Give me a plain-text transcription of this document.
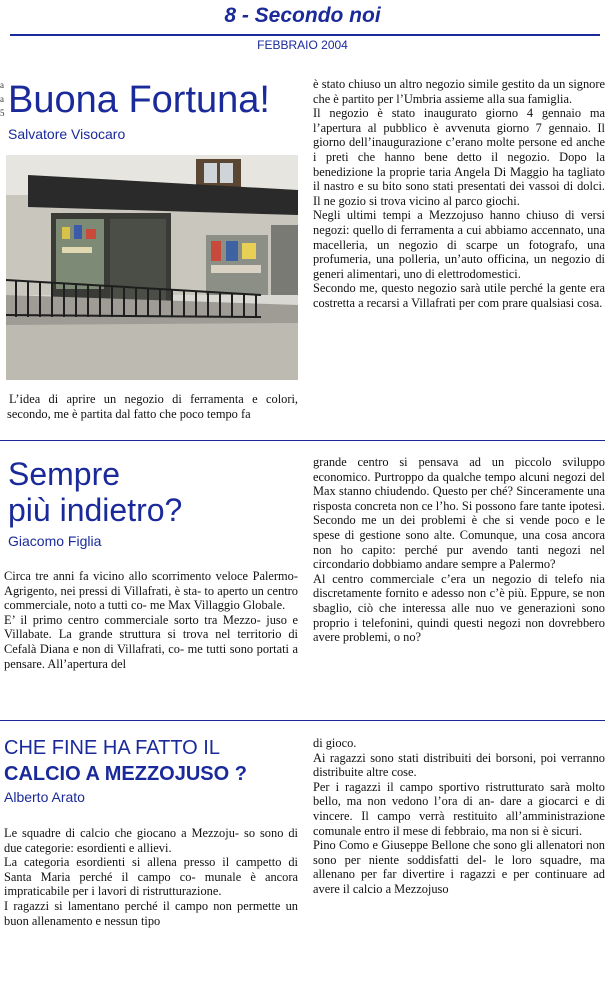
8 - Secondo noi
FEBBRAIO 2004
a
a
5 Buona Fortuna!
Salvatore Visocaro

L’idea di aprire un negozio di ferramenta e colori, secondo, me è partita dal fatto che poco tempo fa

è stato chiuso un altro negozio simile gestito da un signore che è partito per l’Umbria assieme alla sua famiglia.

Il negozio è stato inaugurato giorno 4 gennaio ma l’apertura al pubblico è avvenuta giorno 7 gennaio. Il giorno dell’inaugurazione c’erano molte persone ed anche i preti che hanno bene detto il negozio. Dopo la benedizione la proprie taria Angela Di Maggio ha tagliato il nastro e su bito sono stati presentati dei vassoi di dolci. Il ne gozio si trova vicino al parco giochi.

Negli ultimi tempi a Mezzojuso hanno chiuso di versi negozi: quello di ferramenta a cui abbiamo accennato, una macelleria, un negozio di scarpe un fotografo, una profumeria, una polleria, un’auto officina, un negozio di generi alimentari, uno di elettrodomestici.

Secondo me, questo negozio sarà utile perché la gente era costretta a recarsi a Villafrati per com prare qualsiasi cosa.

Sempre
più indietro?
Giacomo Figlia

Circa tre anni fa vicino allo scorrimento veloce Palermo-Agrigento, nei pressi di Villafrati, è sta- to aperto un centro commerciale, noto a tutti co- me Max Villaggio Globale.

E’ il primo centro commerciale sorto tra Mezzo- juso e Villabate. La grande struttura si trova nel territorio di Cefalà Diana e non di Villafrati, co- me tutti sono portati a pensare. All’apertura del

grande centro si pensava ad un piccolo sviluppo economico. Purtroppo da qualche tempo alcuni negozi del Max stanno chiudendo. Questo per ché? Sinceramente una risposta concreta non ce l’ho. Si possono fare tante ipotesi. Secondo me un dei problemi è che si vende poco e le spese di gestione sono alte. Comunque, una cosa ancora non ho capito: perché pur avendo tanti negozi nel circondario dobbiamo andare sempre a Palermo?

Al centro commerciale c’era un negozio di telefo nia discretamente fornito e adesso non c’è più. Eppure, se non sbaglio, ciò che interessa alle nuo ve generazioni sono proprio i telefonini, quindi questi negozi non dovrebbero avere problemi, o no?

CHE FINE HA FATTO IL
CALCIO A MEZZOJUSO ?
Alberto Arato

Le squadre di calcio che giocano a Mezzoju- so sono di due categorie: esordienti e allievi.

La categoria esordienti si allena presso il campetto di Santa Maria perché il campo co- munale è ancora impraticabile per i lavori di ristrutturazione.

I ragazzi si lamentano perché il campo non permette un buon allenamento e nessun tipo

di gioco.

Ai ragazzi sono stati distribuiti dei borsoni, poi verranno distribuite altre cose.

Per i ragazzi il campo sportivo ristrutturato sarà molto bello, ma non vedono l’ora di an- dare a giocarci e di vincere. Il campo verrà restituito all’amministrazione comunale entro il mese di febbraio, ma non si è sicuri.

Pino Como e Giuseppe Bellone che sono gli allenatori non sono per niente soddisfatti del- le loro squadre, ma allenano per far divertire i ragazzi e per continuare ad avere il calcio a Mezzojuso
